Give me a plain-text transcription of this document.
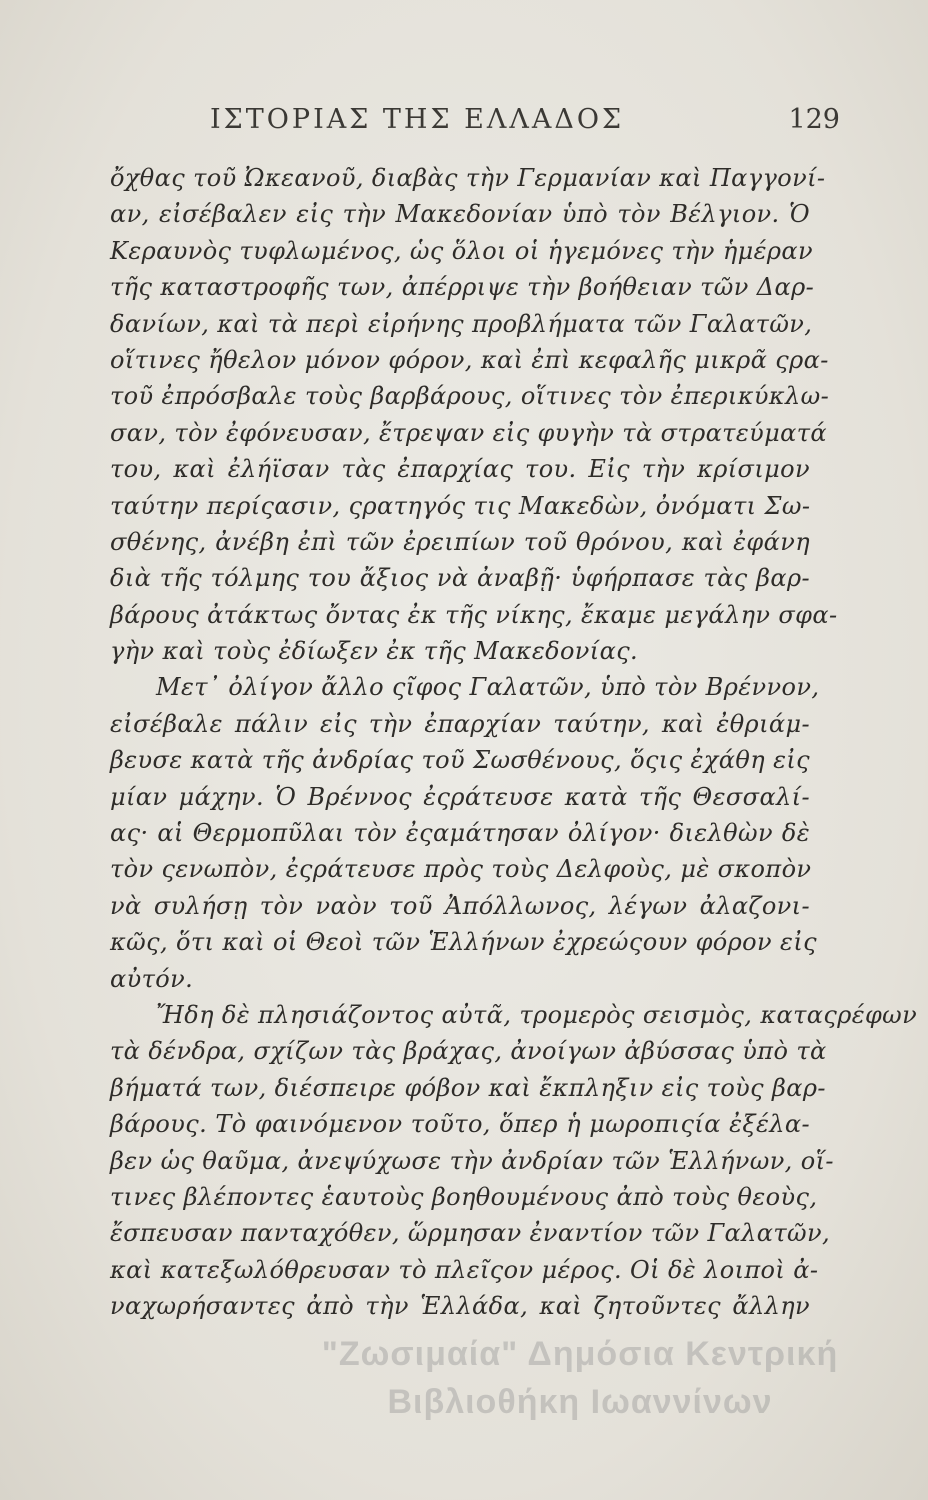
ΙΣΤΟΡΙΑΣ ΤΗΣ ΕΛΛΑΔΟΣ	129
ὄχθας τοῦ Ὠκεανοῦ, διαβὰς τὴν Γερμανίαν καὶ Παγγονί-
αν, εἰσέβαλεν εἰς τὴν Μακεδονίαν ὑπὸ τὸν Βέλγιον. Ὁ
Κεραυνὸς τυφλωμένος, ὡς ὅλοι οἱ ἡγεμόνες τὴν ἡμέραν
τῆς καταστροφῆς των, ἀπέρριψε τὴν βοήθειαν τῶν Δαρ-
δανίων, καὶ τὰ περὶ εἰρήνης προβλήματα τῶν Γαλατῶν,
οἵτινες ἤθελον μόνον φόρον, καὶ ἐπὶ κεφαλῆς μικρᾶ ςρα-
τοῦ ἐπρόσβαλε τοὺς βαρβάρους, οἵτινες τὸν ἐπερικύκλω-
σαν, τὸν ἐφόνευσαν, ἔτρεψαν εἰς φυγὴν τὰ στρατεύματά
του, καὶ ἐλήϊσαν τὰς ἐπαρχίας του. Εἰς τὴν κρίσιμον
ταύτην περίςασιν, ςρατηγός τις Μακεδὼν, ὀνόματι Σω-
σθένης, ἀνέβη ἐπὶ τῶν ἐρειπίων τοῦ θρόνου, καὶ ἐφάνη
διὰ τῆς τόλμης του ἄξιος νὰ ἀναβῇ· ὑφήρπασε τὰς βαρ-
βάρους ἀτάκτως ὄντας ἐκ τῆς νίκης, ἔκαμε μεγάλην σφα-
γὴν καὶ τοὺς ἐδίωξεν ἐκ τῆς Μακεδονίας.
Μετ᾽ ὀλίγον ἄλλο ςῖφος Γαλατῶν, ὑπὸ τὸν Βρέννον,
εἰσέβαλε πάλιν εἰς τὴν ἐπαρχίαν ταύτην, καὶ ἐθριάμ-
βευσε κατὰ τῆς ἀνδρίας τοῦ Σωσθένους, ὅςις ἐχάθη εἰς
μίαν μάχην. Ὁ Βρέννος ἐςράτευσε κατὰ τῆς Θεσσαλί-
ας· αἱ Θερμοπῦλαι τὸν ἐςαμάτησαν ὀλίγον· διελθὼν δὲ
τὸν ςενωπὸν, ἐςράτευσε πρὸς τοὺς Δελφοὺς, μὲ σκοπὸν
νὰ συλήσῃ τὸν ναὸν τοῦ Ἀπόλλωνος, λέγων ἀλαζονι-
κῶς, ὅτι καὶ οἱ Θεοὶ τῶν Ἑλλήνων ἐχρεώςουν φόρον εἰς
αὐτόν.
Ἤδη δὲ πλησιάζοντος αὐτᾶ, τρομερὸς σεισμὸς, καταςρέφων
τὰ δένδρα, σχίζων τὰς βράχας, ἀνοίγων ἀβύσσας ὑπὸ τὰ
βήματά των, διέσπειρε φόβον καὶ ἔκπληξιν εἰς τοὺς βαρ-
βάρους. Τὸ φαινόμενον τοῦτο, ὅπερ ἡ μωροπιςία ἐξέλα-
βεν ὡς θαῦμα, ἀνεψύχωσε τὴν ἀνδρίαν τῶν Ἑλλήνων, οἵ-
τινες βλέποντες ἑαυτοὺς βοηθουμένους ἀπὸ τοὺς θεοὺς,
ἔσπευσαν πανταχόθεν, ὥρμησαν ἐναντίον τῶν Γαλατῶν,
καὶ κατεξωλόθρευσαν τὸ πλεῖςον μέρος. Οἱ δὲ λοιποὶ ἀ-
ναχωρήσαντες ἀπὸ τὴν Ἑλλάδα, καὶ ζητοῦντες ἄλλην
"Ζωσιμαία" Δημόσια Κεντρική
Βιβλιοθήκη Ιωαννίνων
